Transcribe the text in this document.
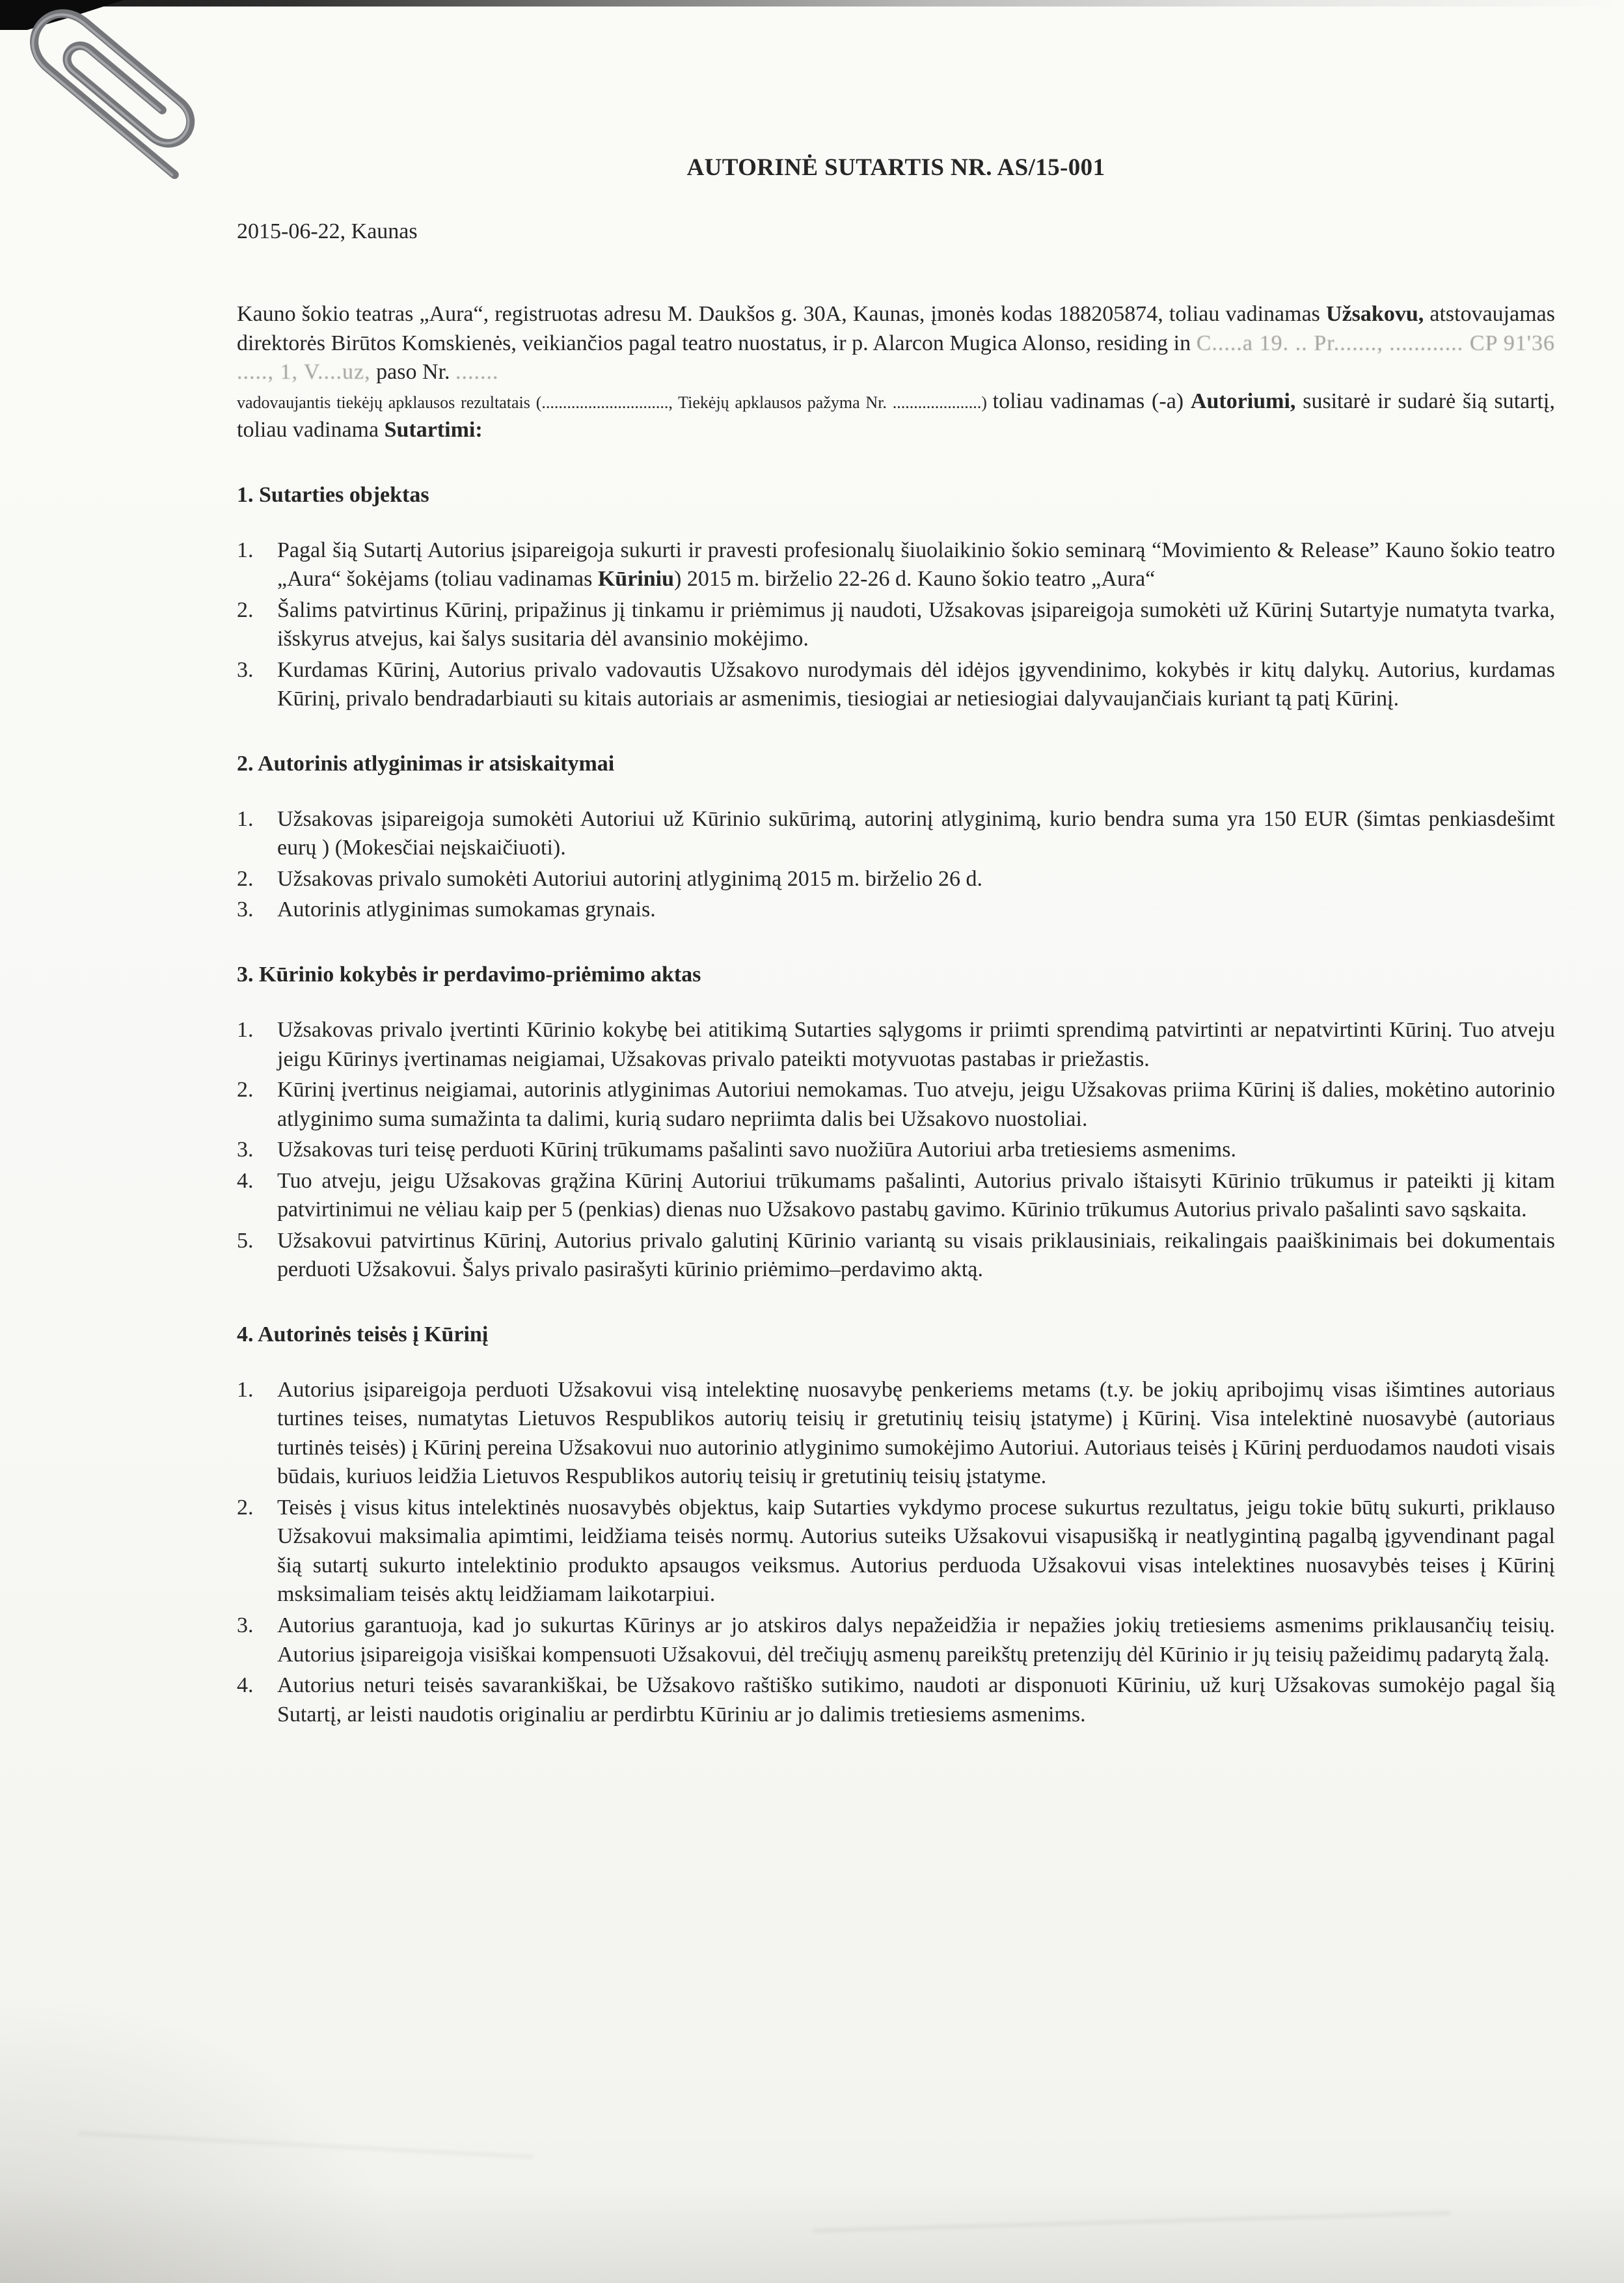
AUTORINĖ SUTARTIS NR. AS/15-001

2015-06-22, Kaunas

Kauno šokio teatras „Aura“, registruotas adresu M. Daukšos g. 30A, Kaunas, įmonės kodas 188205874, toliau vadinamas Užsakovu, atstovaujamas direktorės Birūtos Komskienės, veikiančios pagal teatro nuostatus, ir p. Alarcon Mugica Alonso, residing in C.....a 19. .. Pr......., ............ CP 91'36 ....., 1, V....uz, paso Nr. .......
vadovaujantis tiekėjų apklausos rezultatais (.............................., Tiekėjų apklausos pažyma Nr. .....................) toliau vadinamas (-a) Autoriumi, susitarė ir sudarė šią sutartį, toliau vadinama Sutartimi:

1. Sutarties objektas
1.	Pagal šią Sutartį Autorius įsipareigoja sukurti ir pravesti profesionalų šiuolaikinio šokio seminarą “Movimiento & Release” Kauno šokio teatro „Aura“ šokėjams (toliau vadinamas Kūriniu) 2015 m. birželio 22-26 d. Kauno šokio teatro „Aura“
2.	Šalims patvirtinus Kūrinį, pripažinus jį tinkamu ir priėmimus jį naudoti, Užsakovas įsipareigoja sumokėti už Kūrinį Sutartyje numatyta tvarka, išskyrus atvejus, kai šalys susitaria dėl avansinio mokėjimo.
3.	Kurdamas Kūrinį, Autorius privalo vadovautis Užsakovo nurodymais dėl idėjos įgyvendinimo, kokybės ir kitų dalykų. Autorius, kurdamas Kūrinį, privalo bendradarbiauti su kitais autoriais ar asmenimis, tiesiogiai ar netiesiogiai dalyvaujančiais kuriant tą patį Kūrinį.
2. Autorinis atlyginimas ir atsiskaitymai
1.	Užsakovas įsipareigoja sumokėti Autoriui už Kūrinio sukūrimą, autorinį atlyginimą, kurio bendra suma yra 150 EUR (šimtas penkiasdešimt eurų ) (Mokesčiai neįskaičiuoti).
2.	Užsakovas privalo sumokėti Autoriui autorinį atlyginimą 2015 m. birželio 26 d.
3.	Autorinis atlyginimas sumokamas grynais.
3. Kūrinio kokybės ir perdavimo-priėmimo aktas
1.	Užsakovas privalo įvertinti Kūrinio kokybę bei atitikimą Sutarties sąlygoms ir priimti sprendimą patvirtinti ar nepatvirtinti Kūrinį. Tuo atveju jeigu Kūrinys įvertinamas neigiamai, Užsakovas privalo pateikti motyvuotas pastabas ir priežastis.
2.	Kūrinį įvertinus neigiamai, autorinis atlyginimas Autoriui nemokamas. Tuo atveju, jeigu Užsakovas priima Kūrinį iš dalies, mokėtino autorinio atlyginimo suma sumažinta ta dalimi, kurią sudaro nepriimta dalis bei Užsakovo nuostoliai.
3.	Užsakovas turi teisę perduoti Kūrinį trūkumams pašalinti savo nuožiūra Autoriui arba tretiesiems asmenims.
4.	Tuo atveju, jeigu Užsakovas grąžina Kūrinį Autoriui trūkumams pašalinti, Autorius privalo ištaisyti Kūrinio trūkumus ir pateikti jį kitam patvirtinimui ne vėliau kaip per 5 (penkias) dienas nuo Užsakovo pastabų gavimo. Kūrinio trūkumus Autorius privalo pašalinti savo sąskaita.
5.	Užsakovui patvirtinus Kūrinį, Autorius privalo galutinį Kūrinio variantą su visais priklausiniais, reikalingais paaiškinimais bei dokumentais perduoti Užsakovui. Šalys privalo pasirašyti kūrinio priėmimo–perdavimo aktą.
4. Autorinės teisės į Kūrinį
1.	Autorius įsipareigoja perduoti Užsakovui visą intelektinę nuosavybę penkeriems metams (t.y. be jokių apribojimų visas išimtines autoriaus turtines teises, numatytas Lietuvos Respublikos autorių teisių ir gretutinių teisių įstatyme) į Kūrinį. Visa intelektinė nuosavybė (autoriaus turtinės teisės) į Kūrinį pereina Užsakovui nuo autorinio atlyginimo sumokėjimo Autoriui. Autoriaus teisės į Kūrinį perduodamos naudoti visais būdais, kuriuos leidžia Lietuvos Respublikos autorių teisių ir gretutinių teisių įstatyme.
2.	Teisės į visus kitus intelektinės nuosavybės objektus, kaip Sutarties vykdymo procese sukurtus rezultatus, jeigu tokie būtų sukurti, priklauso Užsakovui maksimalia apimtimi, leidžiama teisės normų. Autorius suteiks Užsakovui visapusišką ir neatlygintiną pagalbą įgyvendinant pagal šią sutartį sukurto intelektinio produkto apsaugos veiksmus. Autorius perduoda Užsakovui visas intelektines nuosavybės teises į Kūrinį msksimaliam teisės aktų leidžiamam laikotarpiui.
3.	Autorius garantuoja, kad jo sukurtas Kūrinys ar jo atskiros dalys nepažeidžia ir nepažies jokių tretiesiems asmenims priklausančių teisių. Autorius įsipareigoja visiškai kompensuoti Užsakovui, dėl trečiųjų asmenų pareikštų pretenzijų dėl Kūrinio ir jų teisių pažeidimų padarytą žalą.
4.	Autorius neturi teisės savarankiškai, be Užsakovo raštiško sutikimo, naudoti ar disponuoti Kūriniu, už kurį Užsakovas sumokėjo pagal šią Sutartį, ar leisti naudotis originaliu ar perdirbtu Kūriniu ar jo dalimis tretiesiems asmenims.
